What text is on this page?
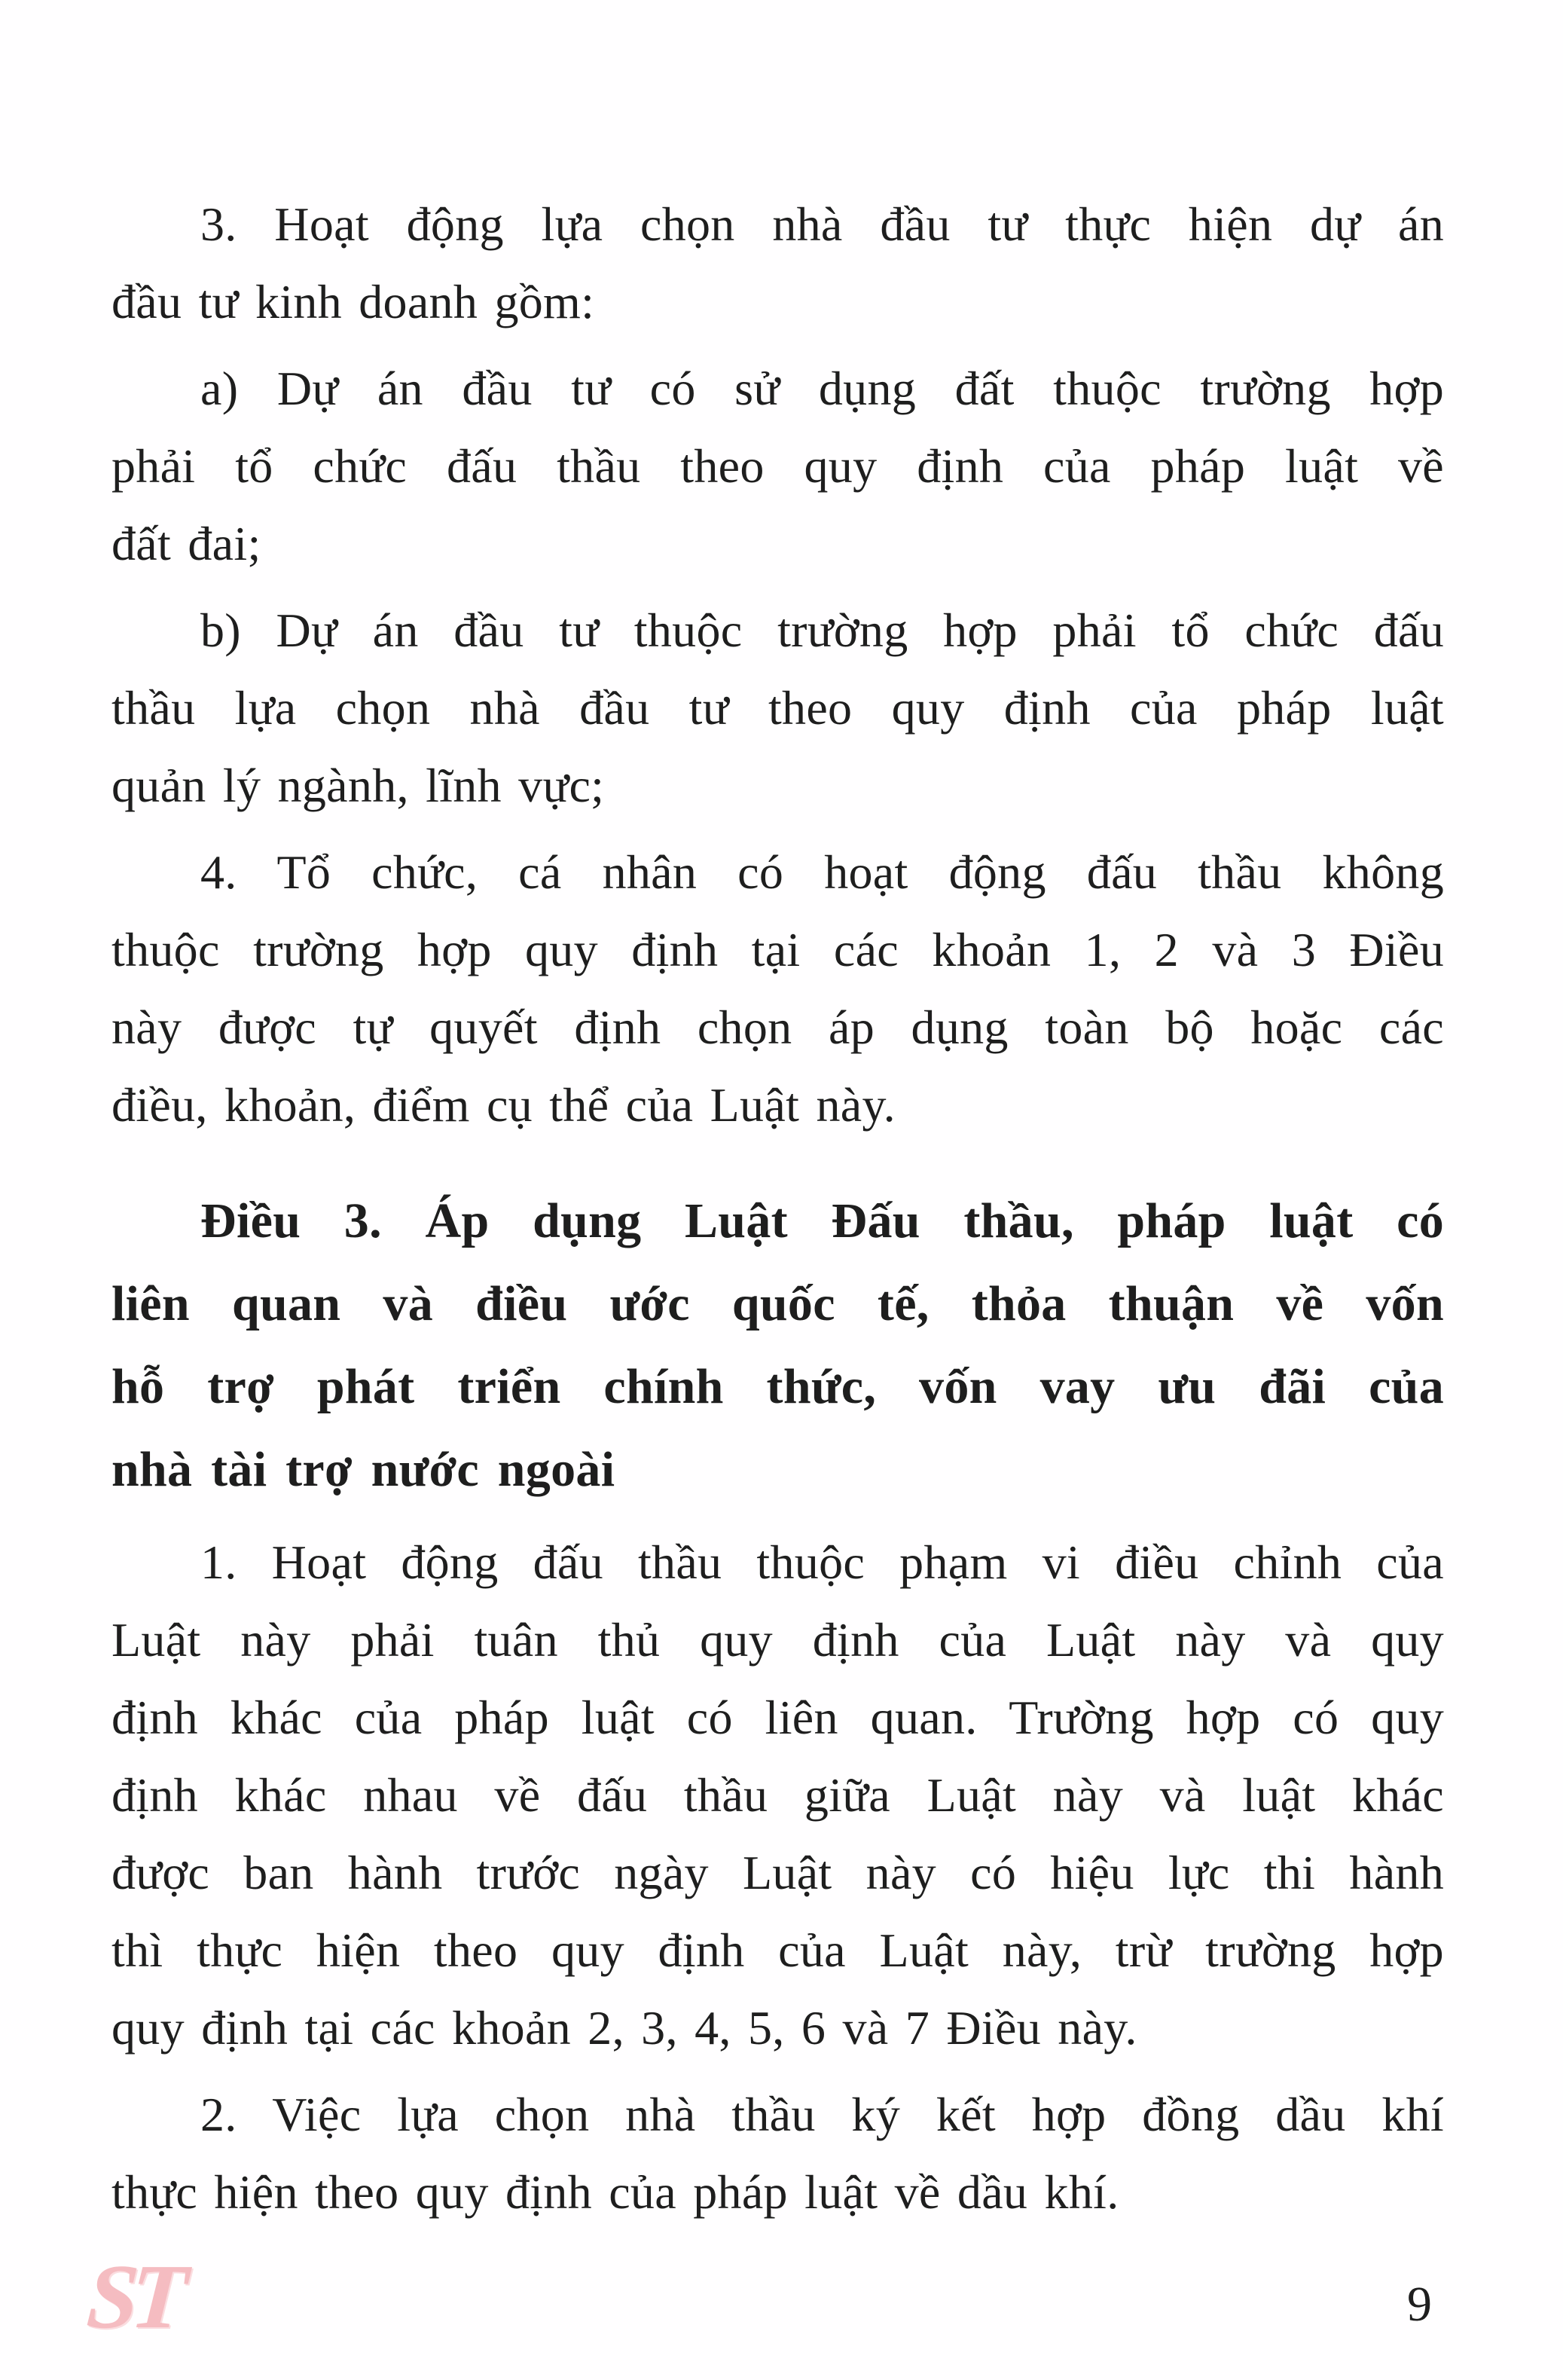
3. Hoạt động lựa chọn nhà đầu tư thực hiện dự án

đầu tư kinh doanh gồm:

a) Dự án đầu tư có sử dụng đất thuộc trường hợp

phải tổ chức đấu thầu theo quy định của pháp luật về

đất đai;

b) Dự án đầu tư thuộc trường hợp phải tổ chức đấu

thầu lựa chọn nhà đầu tư theo quy định của pháp luật

quản lý ngành, lĩnh vực;

4. Tổ chức, cá nhân có hoạt động đấu thầu không

thuộc trường hợp quy định tại các khoản 1, 2 và 3 Điều

này được tự quyết định chọn áp dụng toàn bộ hoặc các

điều, khoản, điểm cụ thể của Luật này.

Điều 3. Áp dụng Luật Đấu thầu, pháp luật có

liên quan và điều ước quốc tế, thỏa thuận về vốn

hỗ trợ phát triển chính thức, vốn vay ưu đãi của

nhà tài trợ nước ngoài

1. Hoạt động đấu thầu thuộc phạm vi điều chỉnh của

Luật này phải tuân thủ quy định của Luật này và quy

định khác của pháp luật có liên quan. Trường hợp có quy

định khác nhau về đấu thầu giữa Luật này và luật khác

được ban hành trước ngày Luật này có hiệu lực thi hành

thì thực hiện theo quy định của Luật này, trừ trường hợp

quy định tại các khoản 2, 3, 4, 5, 6 và 7 Điều này.

2. Việc lựa chọn nhà thầu ký kết hợp đồng dầu khí

thực hiện theo quy định của pháp luật về dầu khí.

ST	9
